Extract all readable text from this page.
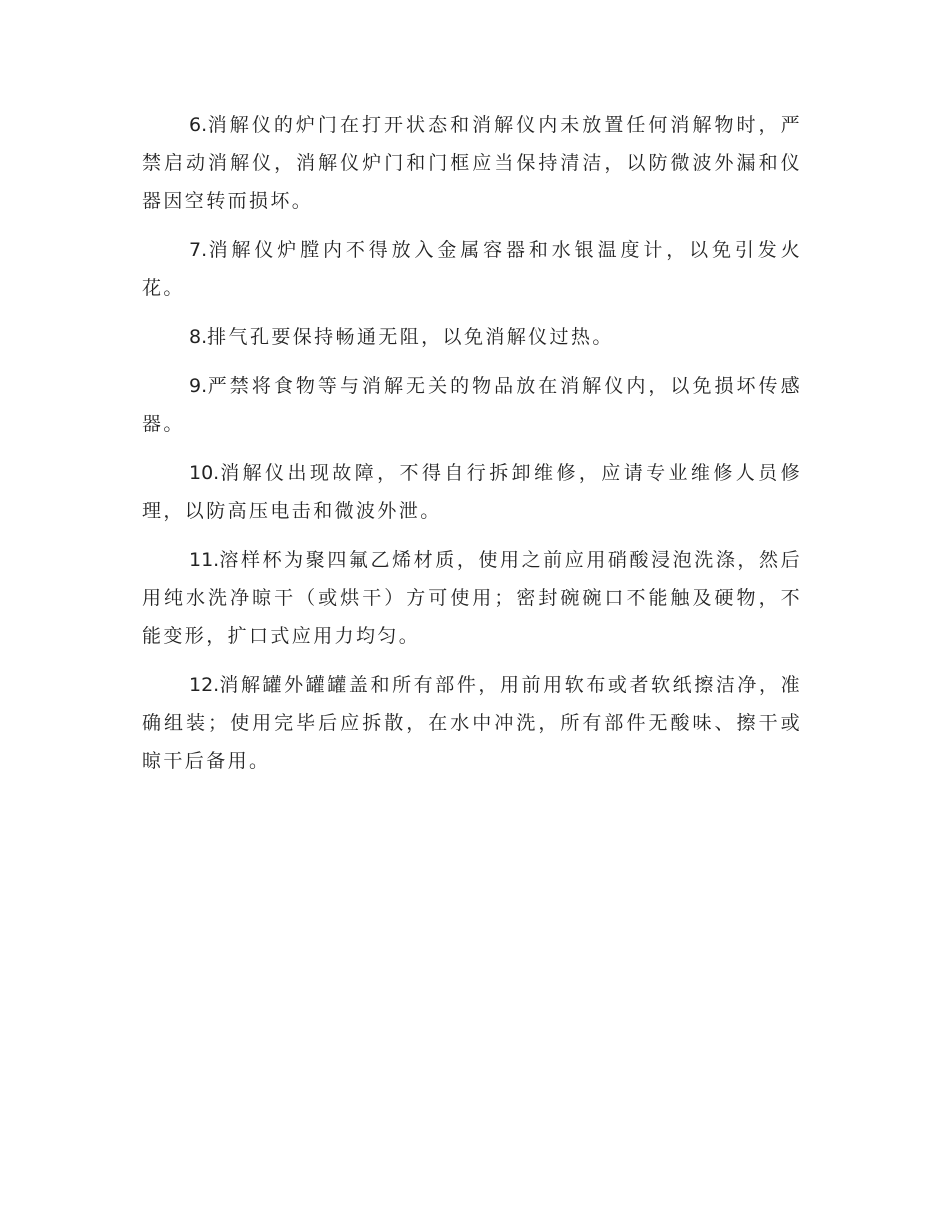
6.消解仪的炉门在打开状态和消解仪内未放置任何消解物时，严禁启动消解仪，消解仪炉门和门框应当保持清洁，以防微波外漏和仪器因空转而损坏。

7.消解仪炉膛内不得放入金属容器和水银温度计，以免引发火花。

8.排气孔要保持畅通无阻，以免消解仪过热。

9.严禁将食物等与消解无关的物品放在消解仪内，以免损坏传感器。

10.消解仪出现故障，不得自行拆卸维修，应请专业维修人员修理，以防高压电击和微波外泄。

11.溶样杯为聚四氟乙烯材质，使用之前应用硝酸浸泡洗涤，然后用纯水洗净晾干（或烘干）方可使用；密封碗碗口不能触及硬物，不能变形，扩口式应用力均匀。

12.消解罐外罐罐盖和所有部件，用前用软布或者软纸擦洁净，准确组装；使用完毕后应拆散，在水中冲洗，所有部件无酸味、擦干或晾干后备用。
